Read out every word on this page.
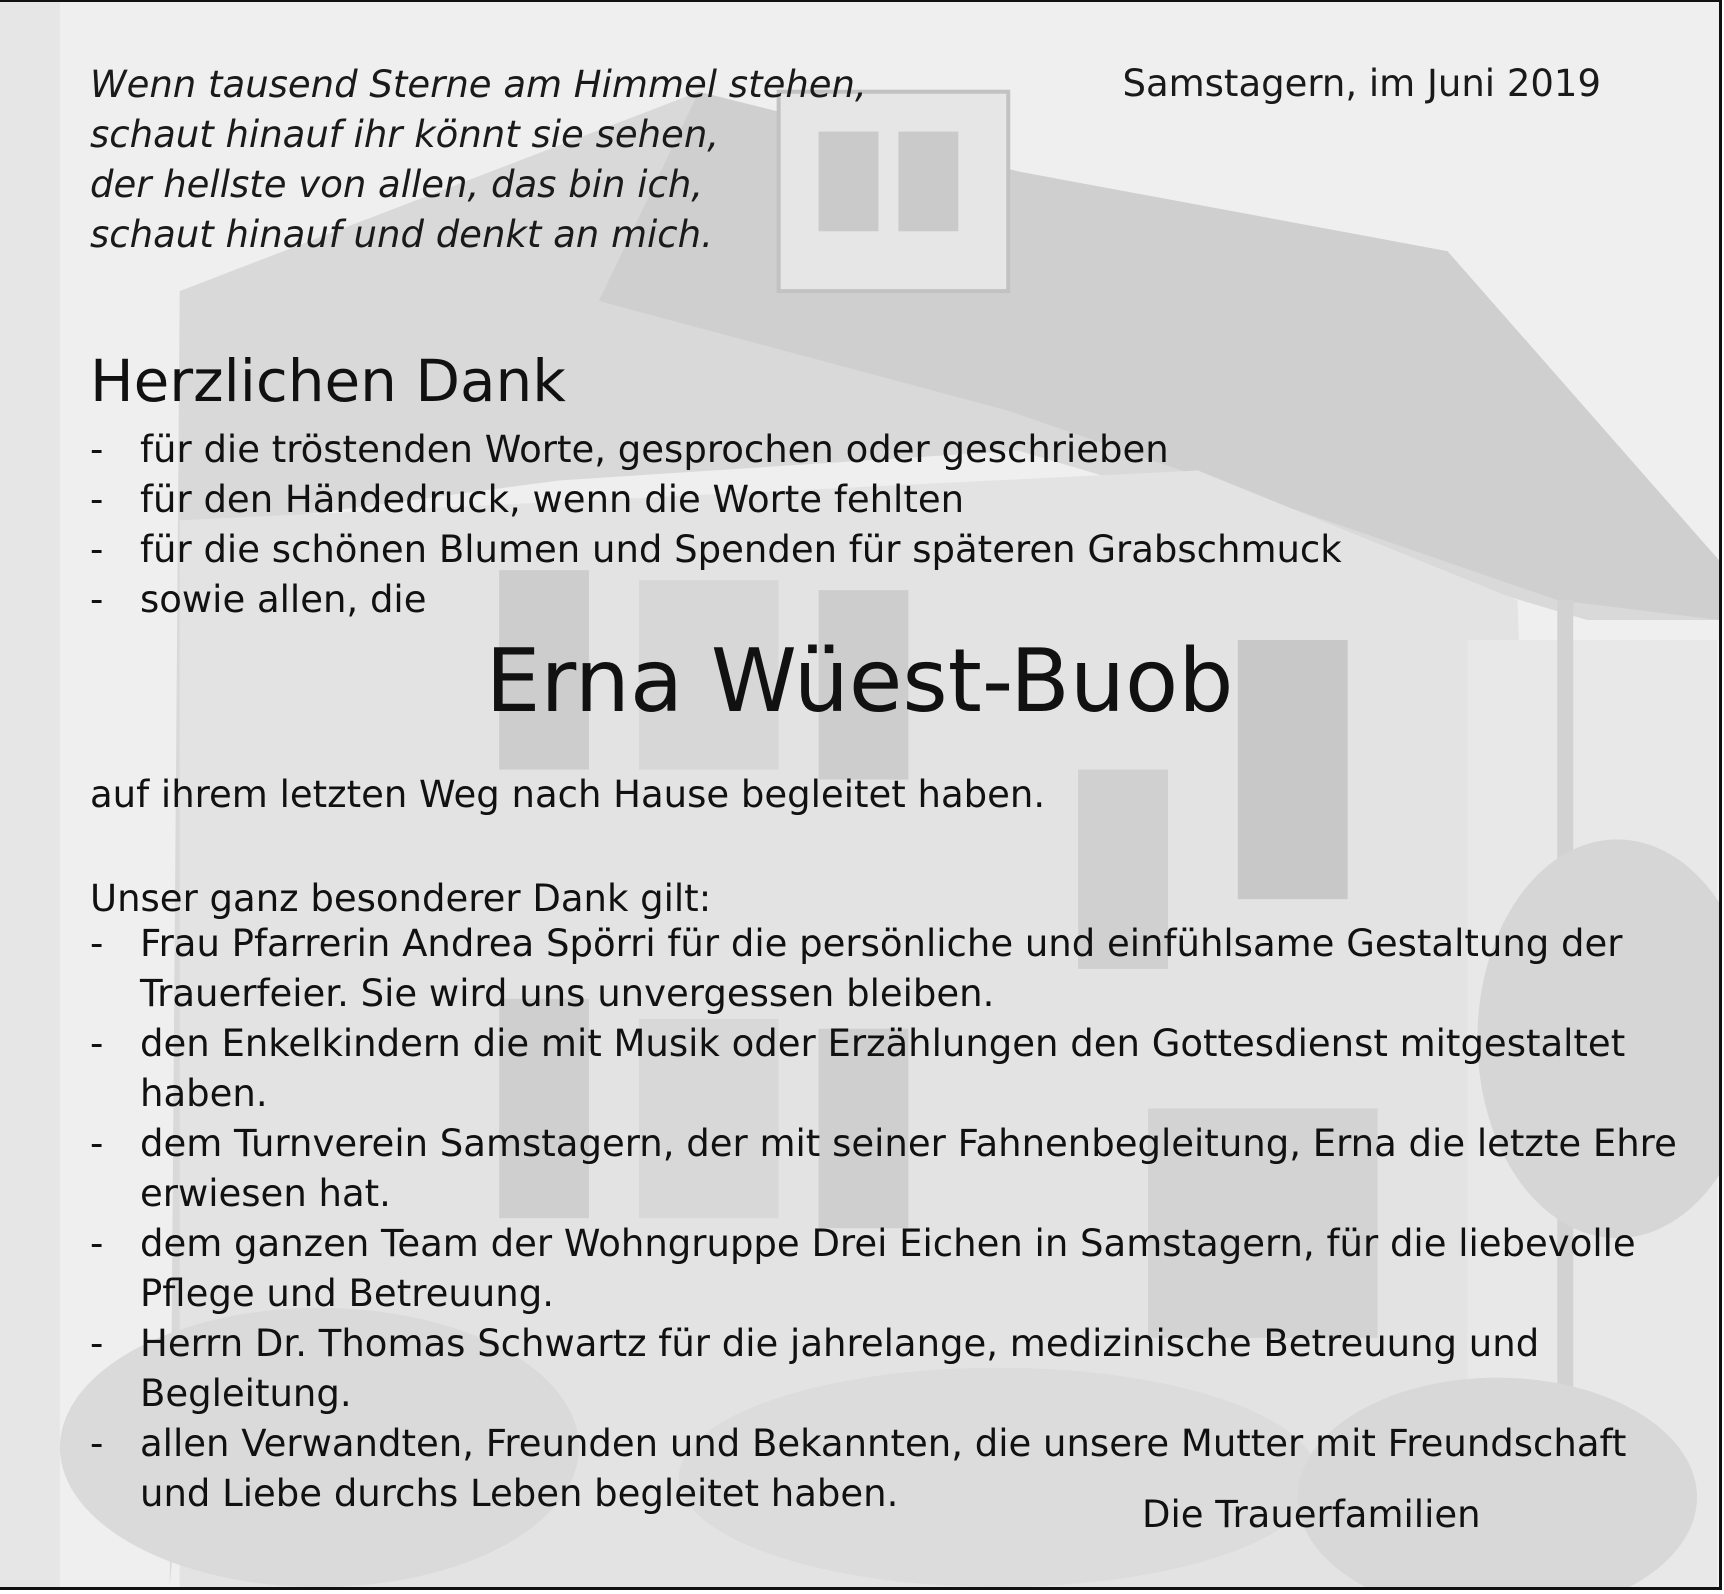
Wenn tausend Sterne am Himmel stehen,
schaut hinauf ihr könnt sie sehen,
der hellste von allen, das bin ich,
schaut hinauf und denkt an mich.
Samstagern, im Juni 2019
Herzlichen Dank
- für die tröstenden Worte, gesprochen oder geschrieben
- für den Händedruck, wenn die Worte fehlten
- für die schönen Blumen und Spenden für späteren Grabschmuck
- sowie allen, die
Erna Wüest-Buob
auf ihrem letzten Weg nach Hause begleitet haben.
Unser ganz besonderer Dank gilt:
- Frau Pfarrerin Andrea Spörri für die persönliche und einfühlsame Gestaltung der Trauerfeier. Sie wird uns unvergessen bleiben.
- den Enkelkindern die mit Musik oder Erzählungen den Gottesdienst mitgestaltet haben.
- dem Turnverein Samstagern, der mit seiner Fahnenbegleitung, Erna die letzte Ehre erwiesen hat.
- dem ganzen Team der Wohngruppe Drei Eichen in Samstagern, für die liebevolle Pflege und Betreuung.
- Herrn Dr. Thomas Schwartz für die jahrelange, medizinische Betreuung und Begleitung.
- allen Verwandten, Freunden und Bekannten, die unsere Mutter mit Freundschaft und Liebe durchs Leben begleitet haben.	Die Trauerfamilien
